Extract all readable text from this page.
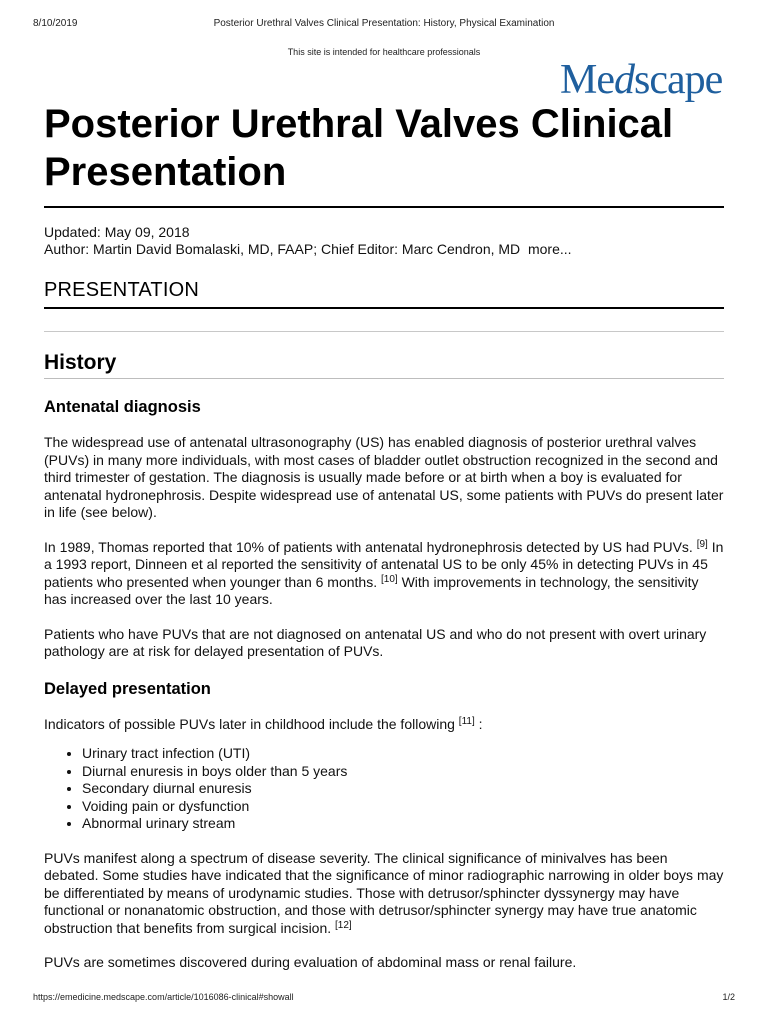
8/10/2019	Posterior Urethral Valves Clinical Presentation: History, Physical Examination
This site is intended for healthcare professionals
Medscape
Posterior Urethral Valves Clinical Presentation
Updated: May 09, 2018
Author: Martin David Bomalaski, MD, FAAP; Chief Editor: Marc Cendron, MD more...
PRESENTATION
History
Antenatal diagnosis

The widespread use of antenatal ultrasonography (US) has enabled diagnosis of posterior urethral valves (PUVs) in many more individuals, with most cases of bladder outlet obstruction recognized in the second and third trimester of gestation. The diagnosis is usually made before or at birth when a boy is evaluated for antenatal hydronephrosis. Despite widespread use of antenatal US, some patients with PUVs do present later in life (see below).

In 1989, Thomas reported that 10% of patients with antenatal hydronephrosis detected by US had PUVs. [9] In a 1993 report, Dinneen et al reported the sensitivity of antenatal US to be only 45% in detecting PUVs in 45 patients who presented when younger than 6 months. [10] With improvements in technology, the sensitivity has increased over the last 10 years.

Patients who have PUVs that are not diagnosed on antenatal US and who do not present with overt urinary pathology are at risk for delayed presentation of PUVs.

Delayed presentation

Indicators of possible PUVs later in childhood include the following [11] :

• Urinary tract infection (UTI)
• Diurnal enuresis in boys older than 5 years
• Secondary diurnal enuresis
• Voiding pain or dysfunction
• Abnormal urinary stream

PUVs manifest along a spectrum of disease severity. The clinical significance of minivalves has been debated. Some studies have indicated that the significance of minor radiographic narrowing in older boys may be differentiated by means of urodynamic studies. Those with detrusor/sphincter dyssynergy may have functional or nonanatomic obstruction, and those with detrusor/sphincter synergy may have true anatomic obstruction that benefits from surgical incision. [12]

PUVs are sometimes discovered during evaluation of abdominal mass or renal failure.

https://emedicine.medscape.com/article/1016086-clinical#showall	1/2
